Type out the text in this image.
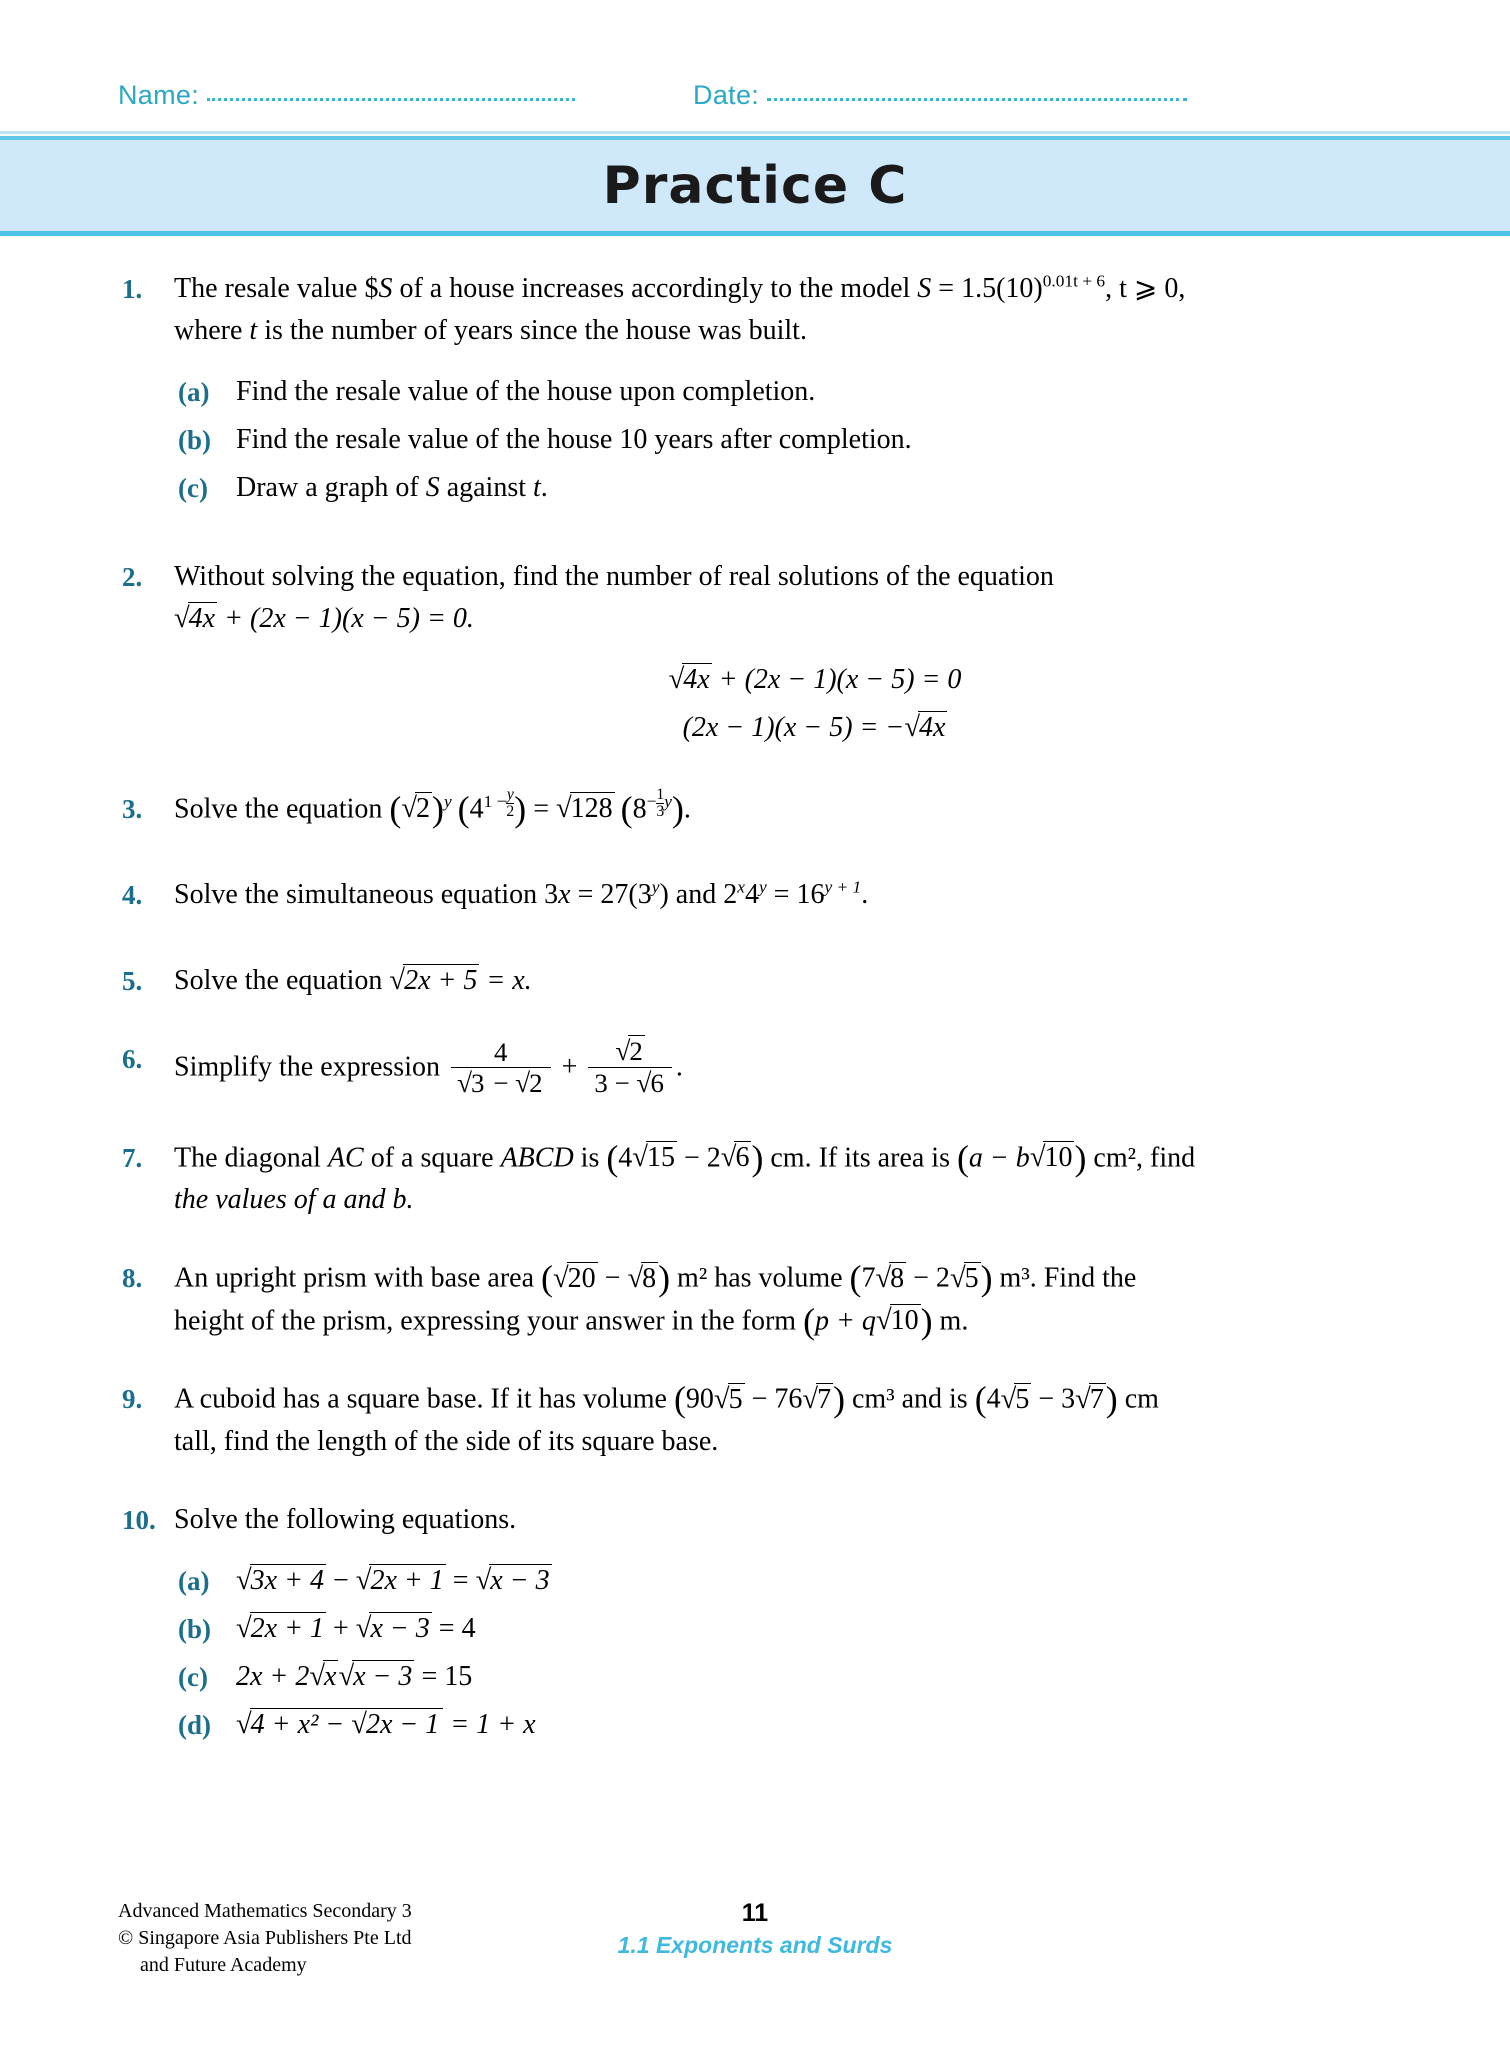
Name:	Date:
Practice C
1.	The resale value $S of a house increases accordingly to the model $S = 1.5(10)^{0.01t + 6}$, t ⩾ 0,
where t is the number of years since the house was built.
(a) Find the resale value of the house upon completion.
(b) Find the resale value of the house 10 years after completion.
(c)	Draw a graph of S against t.
2.	Without solving the equation, find the number of real solutions of the equation
√4x + (2x − 1)(x − 5) = 0.
√4x + (2x − 1)(x − 5) = 0
(2x − 1)(x − 5) = −√4x
3.	Solve the equation $(√2)^y$ ($4^{1 -} \frac{y}{2}$ ) = √128 $(8^- \frac{1}{3} ^y)$.
4.	Solve the simultaneous equation $3x = 27(3^y)$ and $2^x4^y = 16^{y + 1}$.
5.	Solve the equation √2x + 5 = x.
6.	Simplify the expression $\frac{4}{√3 - √2} + \frac{√2}{3 - √6}$ .
7.	The diagonal AC of a square ABCD is (4√15 − 2√6) cm. If its area is (a − b√10) cm², find
the values of a and b.
8.	An upright prism with base area (√20 − √8) m² has volume (7√8 − 2√5) m³. Find the
height of the prism, expressing your answer in the form (p + q√10) m.
9.	A cuboid has a square base. If it has volume (90√5 − 76√7) cm³ and is (4√5 − 3√7) cm
tall, find the length of the side of its square base.
10. Solve the following equations.
(a) √3x + 4 − √2x + 1 = √x − 3
(b) √2x + 1 + √x − 3 = 4
(c)	2x + 2√x√x − 3 = 15
(d) √4 + x² − √2x − 1 = 1 + x
Advanced Mathematics Secondary 3
© Singapore Asia Publishers Pte Ltd
and Future Academy
11
1.1 Exponents and Surds
